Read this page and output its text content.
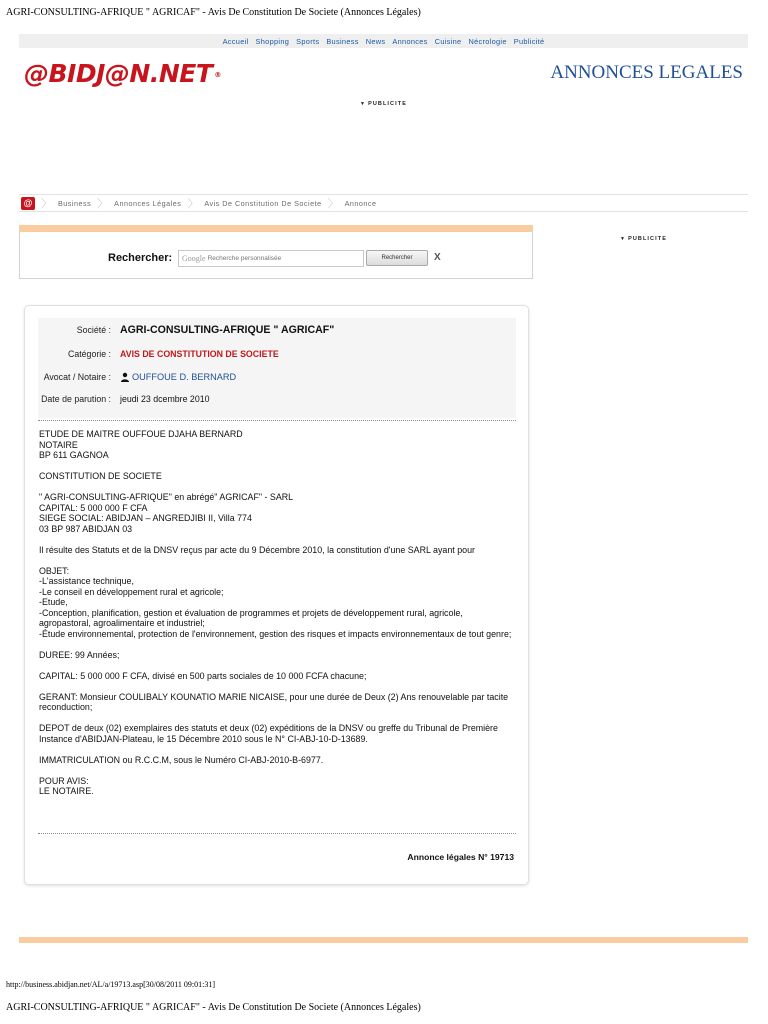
AGRI-CONSULTING-AFRIQUE " AGRICAF" - Avis De Constitution De Societe (Annonces Légales)
Accueil Shopping Sports Business News Annonces Cuisine Nécrologie Publicité
@BIDJ@N.NET ®	ANNONCES LEGALES
▼ PUBLICITE
@ 〉 Business 〉 Annonces Légales 〉 Avis De Constitution De Societe 〉 Annonce
Rechercher: Google
Recherche personnalisée	Rechercher	X
▼ PUBLICITE
Société : AGRI-CONSULTING-AFRIQUE " AGRICAF"
Catégorie :	AVIS DE CONSTITUTION DE SOCIETE
Avocat / Notaire :	OUFFOUE D. BERNARD
Date de parution :	jeudi 23 dcembre 2010

ETUDE DE MAITRE OUFFOUE DJAHA BERNARD
NOTAIRE
BP 611 GAGNOA

CONSTITUTION DE SOCIETE

" AGRI-CONSULTING-AFRIQUE" en abrégé" AGRICAF" - SARL
CAPITAL: 5 000 000 F CFA
SIEGE SOCIAL: ABIDJAN – ANGREDJIBI II, Villa 774
03 BP 987 ABIDJAN 03

Il résulte des Statuts et de la DNSV reçus par acte du 9 Décembre 2010, la constitution d'une SARL ayant pour

OBJET:
-L'assistance technique,
-Le conseil en développement rural et agricole;
-Etude,
-Conception, planification, gestion et évaluation de programmes et projets de développement rural, agricole, agropastoral, agroalimentaire et industriel;
-Étude environnemental, protection de l'environnement, gestion des risques et impacts environnementaux de tout genre;

DUREE: 99 Années;

CAPITAL: 5 000 000 F CFA, divisé en 500 parts sociales de 10 000 FCFA chacune;

GERANT: Monsieur COULIBALY KOUNATIO MARIE NICAISE, pour une durée de Deux (2) Ans renouvelable par tacite reconduction;

DEPOT de deux (02) exemplaires des statuts et deux (02) expéditions de la DNSV ou greffe du Tribunal de Première Instance d'ABIDJAN-Plateau, le 15 Décembre 2010 sous le N° CI-ABJ-10-D-13689.

IMMATRICULATION ou R.C.C.M, sous le Numéro CI-ABJ-2010-B-6977.

POUR AVIS:
LE NOTAIRE.

Annonce légales N° 19713
http://business.abidjan.net/AL/a/19713.asp[30/08/2011 09:01:31]
AGRI-CONSULTING-AFRIQUE " AGRICAF" - Avis De Constitution De Societe (Annonces Légales)
